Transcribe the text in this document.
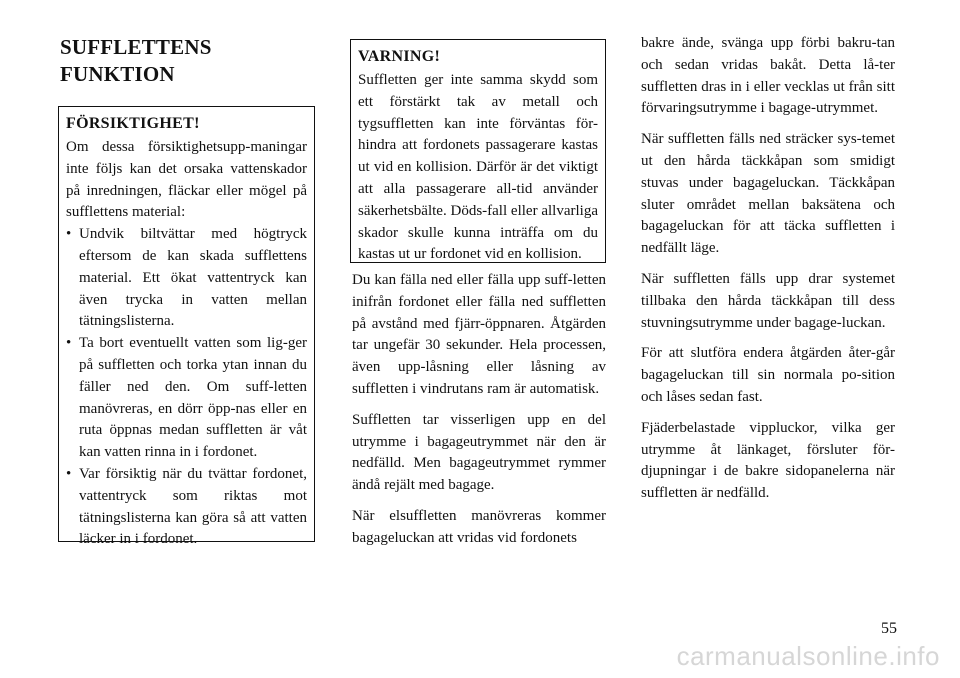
SUFFLETTENS
FUNKTION
FÖRSIKTIGHET!

Om dessa försiktighetsupp-maningar inte följs kan det orsaka vattenskador på inredningen, fläckar eller mögel på sufflettens material:

• Undvik biltvättar med högtryck eftersom de kan skada sufflettens material. Ett ökat vattentryck kan även trycka in vatten mellan tätningslisterna.
• Ta bort eventuellt vatten som lig-ger på suffletten och torka ytan innan du fäller ned den. Om suff-letten manövreras, en dörr öpp-nas eller en ruta öppnas medan suffletten är våt kan vatten rinna in i fordonet.
• Var försiktig när du tvättar fordonet, vattentryck som riktas mot tätningslisterna kan göra så att vatten läcker in i fordonet.
VARNING!

Suffletten ger inte samma skydd som ett förstärkt tak av metall och tygsuffletten kan inte förväntas för-hindra att fordonets passagerare kastas ut vid en kollision. Därför är det viktigt att alla passagerare all-tid använder säkerhetsbälte. Döds-fall eller allvarliga skador skulle kunna inträffa om du kastas ut ur fordonet vid en kollision.

Du kan fälla ned eller fälla upp suff-letten inifrån fordonet eller fälla ned suffletten på avstånd med fjärr-öppnaren. Åtgärden tar ungefär 30 sekunder. Hela processen, även upp-låsning eller låsning av suffletten i vindrutans ram är automatisk.

Suffletten tar visserligen upp en del utrymme i bagageutrymmet när den är nedfälld. Men bagageutrymmet rymmer ändå rejält med bagage.

När elsuffletten manövreras kommer bagageluckan att vridas vid fordonets

bakre ände, svänga upp förbi bakru-tan och sedan vridas bakåt. Detta lå-ter suffletten dras in i eller vecklas ut från sitt förvaringsutrymme i bagage-utrymmet.

När suffletten fälls ned sträcker sys-temet ut den hårda täckkåpan som smidigt stuvas under bagageluckan. Täckkåpan sluter området mellan baksätena och bagageluckan för att täcka suffletten i nedfällt läge.

När suffletten fälls upp drar systemet tillbaka den hårda täckkåpan till dess stuvningsutrymme under bagage-luckan.

För att slutföra endera åtgärden åter-går bagageluckan till sin normala po-sition och låses sedan fast.

Fjäderbelastade vippluckor, vilka ger utrymme åt länkaget, försluter för-djupningar i de bakre sidopanelerna när suffletten är nedfälld.

55

carmanualsonline.info
